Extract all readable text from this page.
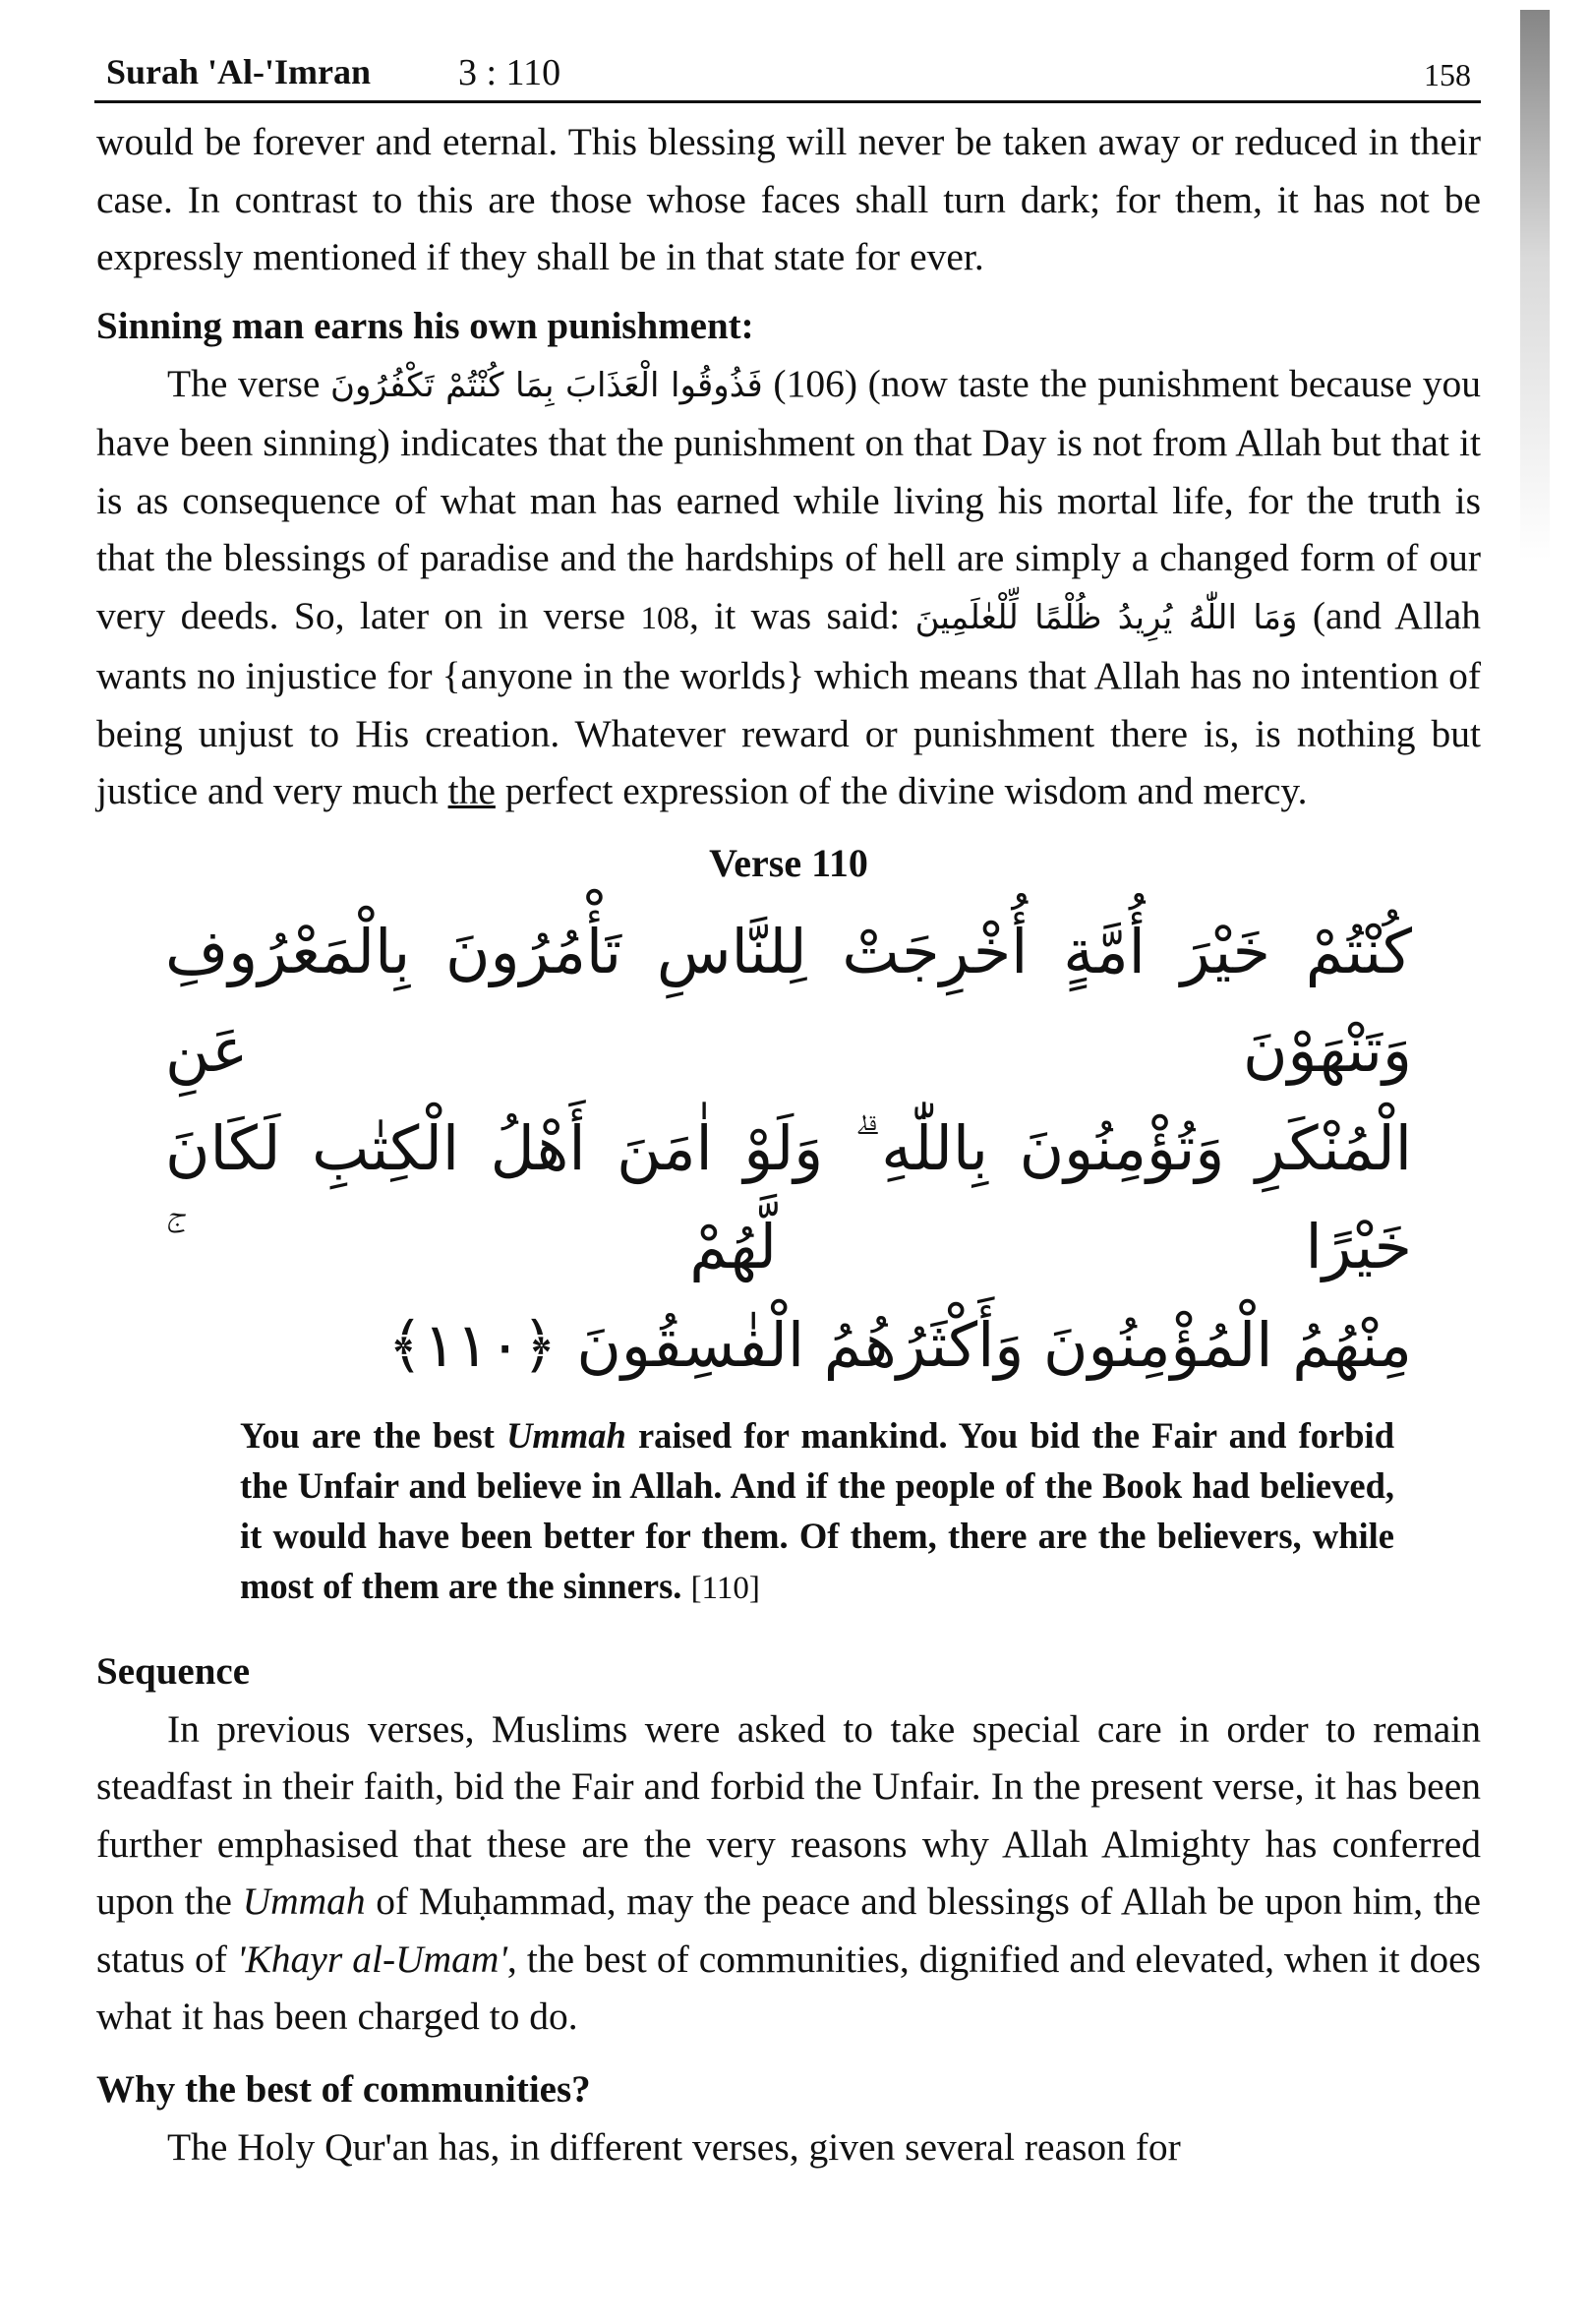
Surah 'Al-'Imran 3 : 110	158

would be forever and eternal. This blessing will never be taken away or reduced in their case. In contrast to this are those whose faces shall turn dark; for them, it has not be expressly mentioned if they shall be in that state for ever.

Sinning man earns his own punishment:

The verse فَذُوقُوا الْعَذَابَ بِمَا كُنْتُمْ تَكْفُرُونَ (106) (now taste the punishment because you have been sinning) indicates that the punishment on that Day is not from Allah but that it is as consequence of what man has earned while living his mortal life, for the truth is that the blessings of paradise and the hardships of hell are simply a changed form of our very deeds. So, later on in verse 108, it was said: وَمَا اللّٰهُ يُرِيدُ ظُلْمًا لِّلْعٰلَمِينَ (and Allah wants no injustice for {anyone in the worlds} which means that Allah has no intention of being unjust to His creation. Whatever reward or punishment there is, is nothing but justice and very much the perfect expression of the divine wisdom and mercy.

Verse 110
كُنْتُمْ خَيْرَ أُمَّةٍ أُخْرِجَتْ لِلنَّاسِ تَأْمُرُونَ بِالْمَعْرُوفِ وَتَنْهَوْنَ عَنِ
الْمُنْكَرِ وَتُؤْمِنُونَ بِاللّٰهِ ۗ وَلَوْ اٰمَنَ أَهْلُ الْكِتٰبِ لَكَانَ خَيْرًا لَّهُمْ ۚ
مِنْهُمُ الْمُؤْمِنُونَ وَأَكْثَرُهُمُ الْفٰسِقُونَ ﴿١١٠﴾

You are the best Ummah raised for mankind. You bid the Fair and forbid the Unfair and believe in Allah. And if the people of the Book had believed, it would have been better for them. Of them, there are the believers, while most of them are the sinners. [110]

Sequence

In previous verses, Muslims were asked to take special care in order to remain steadfast in their faith, bid the Fair and forbid the Unfair. In the present verse, it has been further emphasised that these are the very reasons why Allah Almighty has conferred upon the Ummah of Muḥammad, may the peace and blessings of Allah be upon him, the status of 'Khayr al-Umam', the best of communities, dignified and elevated, when it does what it has been charged to do.

Why the best of communities?

The Holy Qur'an has, in different verses, given several reason for
